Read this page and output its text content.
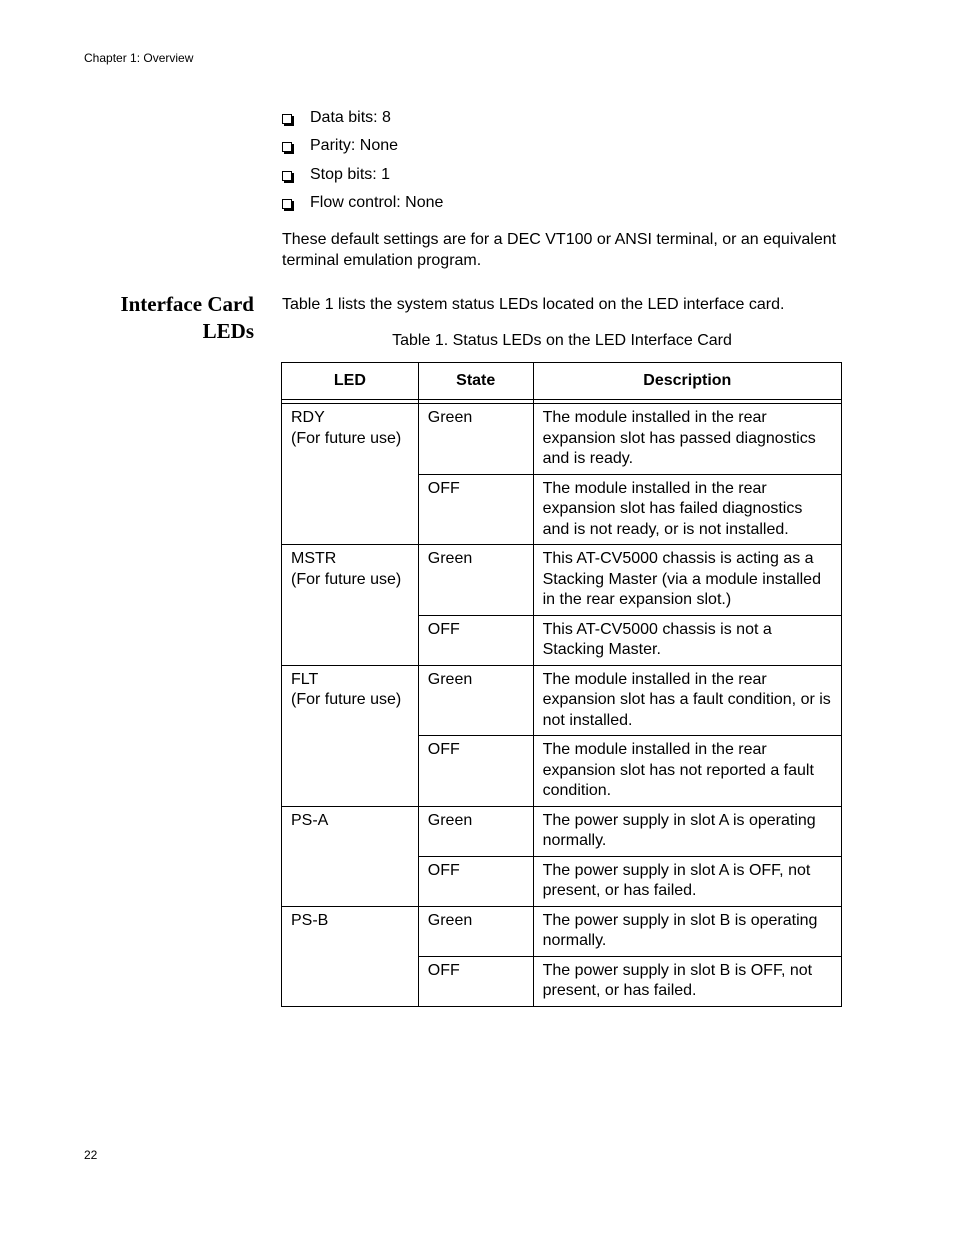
Chapter 1: Overview
Data bits: 8
Parity: None
Stop bits: 1
Flow control: None

These default settings are for a DEC VT100 or ANSI terminal, or an equivalent terminal emulation program.

Interface Card
LEDs

Table 1 lists the system status LEDs located on the LED interface card.

Table 1. Status LEDs on the LED Interface Card

LED	State	Description

RDY
(For future use)	Green	The module installed in the rear expansion slot has passed diagnostics and is ready.
	OFF	The module installed in the rear expansion slot has failed diagnostics and is not ready, or is not installed.
MSTR
(For future use)	Green	This AT-CV5000 chassis is acting as a Stacking Master (via a module installed in the rear expansion slot.)
	OFF	This AT-CV5000 chassis is not a Stacking Master.
FLT
(For future use)	Green	The module installed in the rear expansion slot has a fault condition, or is not installed.
	OFF	The module installed in the rear expansion slot has not reported a fault condition.
PS-A	Green	The power supply in slot A is operating normally.
	OFF	The power supply in slot A is OFF, not present, or has failed.
PS-B	Green	The power supply in slot B is operating normally.
	OFF	The power supply in slot B is OFF, not present, or has failed.
22
